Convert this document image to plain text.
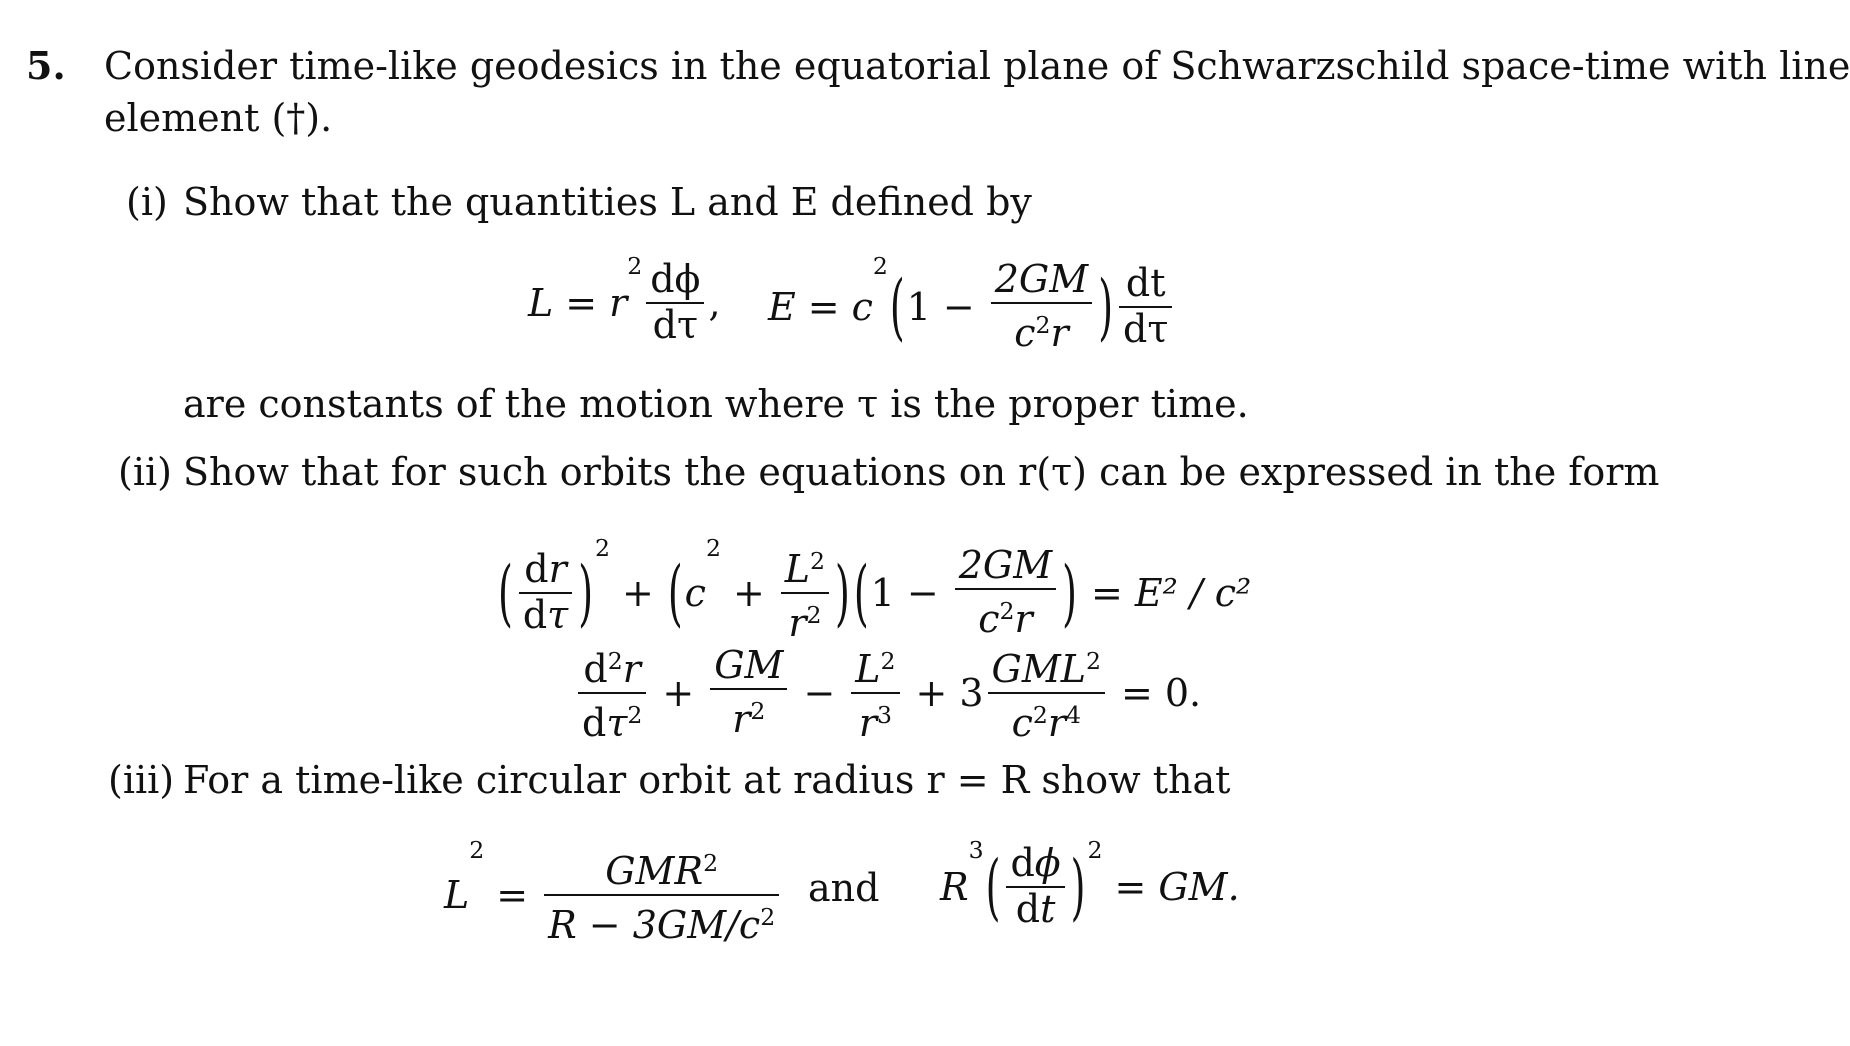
5. Consider time-like geodesics in the equatorial plane of Schwarzschild space-time with line
element (†).
(i) Show that the quantities L and E defined by
L = r
$2 \frac{d\phi}{d\tau}$ , E = c
2 ( $1 - \frac{2GM}{c^2r}$ ) $\frac{dt}{d\tau}$
are constants of the motion where τ is the proper time.
(ii) Show that for such orbits the equations on r(τ) can be expressed in the form
( $\frac{dr}{d\tau}$ )
2
+ ( c
2
+ $\frac{L^2}{r^2}$ ) ( $1 - \frac{2GM}{c^2r}$ ) = E² / c²
$\frac{d^2r}{d\tau^2} + \frac{GM}{r^2} - \frac{L^2}{r^3} + 3 \frac{GML^2}{c^2r^4} = 0$.
(iii) For a time-like circular orbit at radius r = R show that
L
2
= $\frac{GMR^2}{R - 3GM/c^2}$ and R
3 ( $\frac{d\phi}{dt}$ ) 2
= GM.
